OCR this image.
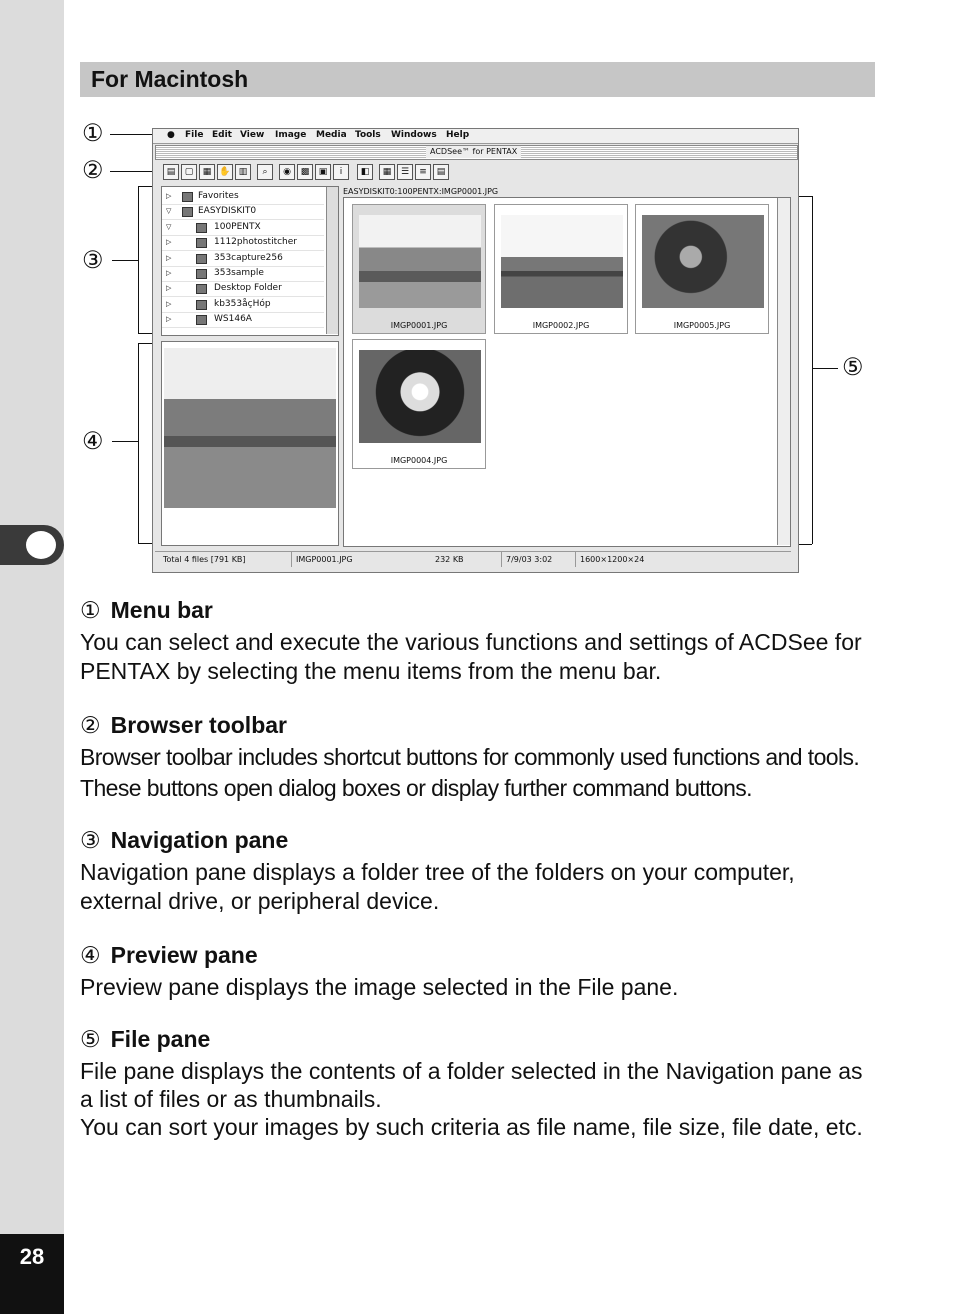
28
For Macintosh
①
②
③
④
⑤
● File Edit View Image Media Tools Windows Help
ACDSee™ for PENTAX
▤	▢	▦ ✋ ▥	⌕	◉	▩	▣	i	◧	▦	☰	≡	▤
▷	Favorites
▽	EASYDISKIT0
▽	100PENTX
▷	1112photostitcher
▷	353capture256
▷	353sample
▷	Desktop Folder
▷	kb353åçHóp
▷	WS146A
EASYDISKIT0:100PENTX:IMGP0001.JPG
IMGP0001.JPG	IMGP0002.JPG	IMGP0005.JPG
IMGP0004.JPG
Total 4 files [791 KB]	IMGP0001.JPG	232 KB	7/9/03 3:02	1600×1200×24
① Menu bar
You can select and execute the various functions and settings of ACDSee for PENTAX by selecting the menu items from the menu bar.
② Browser toolbar
Browser toolbar includes shortcut buttons for commonly used functions and tools. These buttons open dialog boxes or display further command buttons.
③ Navigation pane
Navigation pane displays a folder tree of the folders on your computer, external drive, or peripheral device.
④ Preview pane
Preview pane displays the image selected in the File pane.
⑤ File pane
File pane displays the contents of a folder selected in the Navigation pane as a list of files or as thumbnails.
You can sort your images by such criteria as file name, file size, file date, etc.
